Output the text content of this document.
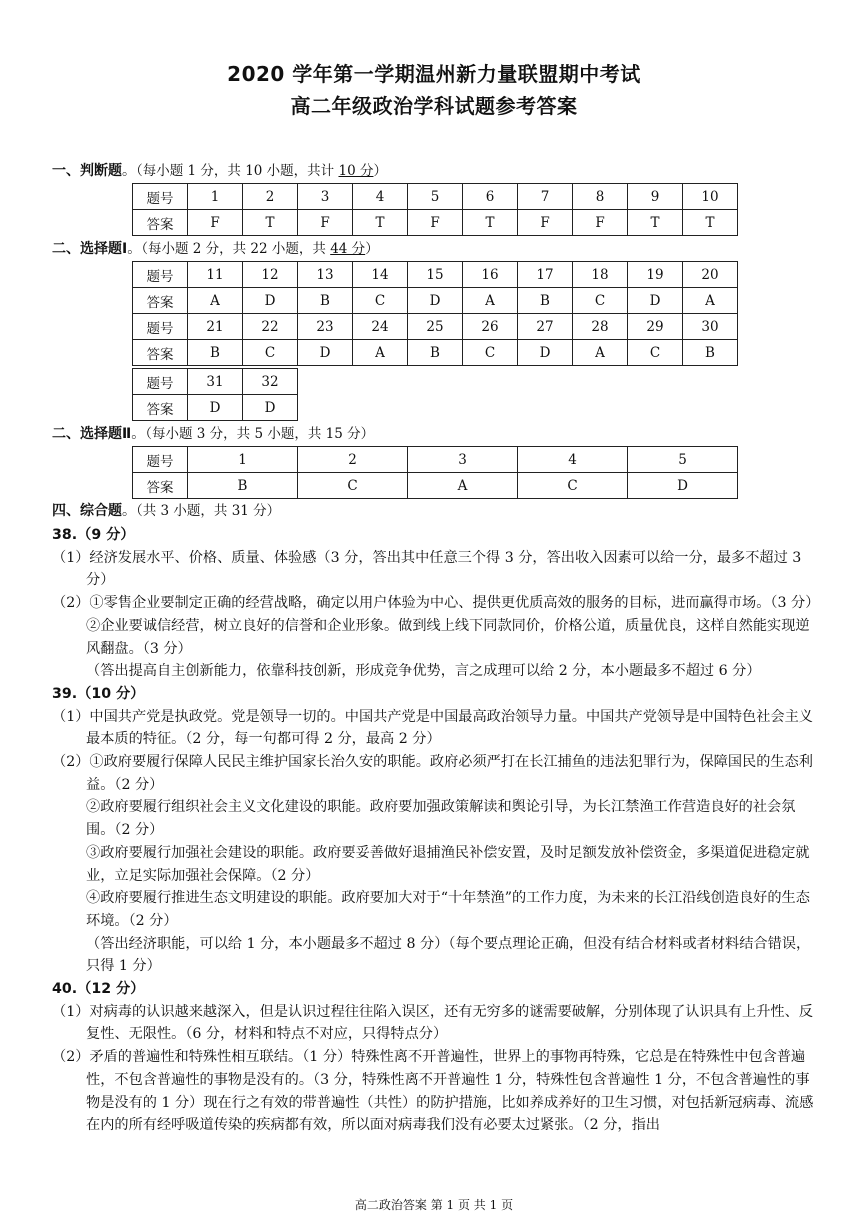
2020 学年第一学期温州新力量联盟期中考试
高二年级政治学科试题参考答案
一、判断题。（每小题 1 分，共 10 小题，共计 10 分）
题号	1	2	3	4	5	6	7	8	9	10
答案	F	T	F	T	F	T	F	F	T	T
二、选择题Ⅰ。（每小题 2 分，共 22 小题，共 44 分）
题号	11	12	13	14	15	16	17	18	19	20
答案	A	D	B	C	D	A	B	C	D	A
题号	21	22	23	24	25	26	27	28	29	30
答案	B	C	D	A	B	C	D	A	C	B
题号	31	32
答案	D	D
二、选择题Ⅱ。（每小题 3 分，共 5 小题，共 15 分）
题号	1	2	3	4	5
答案	B	C	A	C	D
四、综合题。（共 3 小题，共 31 分）
38.（9 分）
（1）经济发展水平、价格、质量、体验感（3 分，答出其中任意三个得 3 分，答出收入因素可以给一分，最多不超过 3 分）
（2）①零售企业要制定正确的经营战略，确定以用户体验为中心、提供更优质高效的服务的目标，进而赢得市场。（3 分）
②企业要诚信经营，树立良好的信誉和企业形象。做到线上线下同款同价，价格公道，质量优良，这样自然能实现逆风翻盘。（3 分）
（答出提高自主创新能力，依靠科技创新，形成竞争优势，言之成理可以给 2 分，本小题最多不超过 6 分）
39.（10 分）
（1）中国共产党是执政党。党是领导一切的。中国共产党是中国最高政治领导力量。中国共产党领导是中国特色社会主义最本质的特征。（2 分，每一句都可得 2 分，最高 2 分）
（2）①政府要履行保障人民民主维护国家长治久安的职能。政府必须严打在长江捕鱼的违法犯罪行为，保障国民的生态利益。（2 分）
②政府要履行组织社会主义文化建设的职能。政府要加强政策解读和舆论引导，为长江禁渔工作营造良好的社会氛围。（2 分）
③政府要履行加强社会建设的职能。政府要妥善做好退捕渔民补偿安置，及时足额发放补偿资金，多渠道促进稳定就业，立足实际加强社会保障。（2 分）
④政府要履行推进生态文明建设的职能。政府要加大对于“十年禁渔”的工作力度，为未来的长江沿线创造良好的生态环境。（2 分）
（答出经济职能，可以给 1 分，本小题最多不超过 8 分）（每个要点理论正确，但没有结合材料或者材料结合错误，只得 1 分）
40.（12 分）
（1）对病毒的认识越来越深入，但是认识过程往往陷入误区，还有无穷多的谜需要破解，分别体现了认识具有上升性、反复性、无限性。（6 分，材料和特点不对应，只得特点分）
（2）矛盾的普遍性和特殊性相互联结。（1 分）特殊性离不开普遍性，世界上的事物再特殊，它总是在特殊性中包含普遍性，不包含普遍性的事物是没有的。（3 分，特殊性离不开普遍性 1 分，特殊性包含普遍性 1 分，不包含普遍性的事物是没有的 1 分）现在行之有效的带普遍性（共性）的防护措施，比如养成养好的卫生习惯，对包括新冠病毒、流感在内的所有经呼吸道传染的疾病都有效，所以面对病毒我们没有必要太过紧张。（2 分，指出
高二政治答案 第 1 页 共 1 页
